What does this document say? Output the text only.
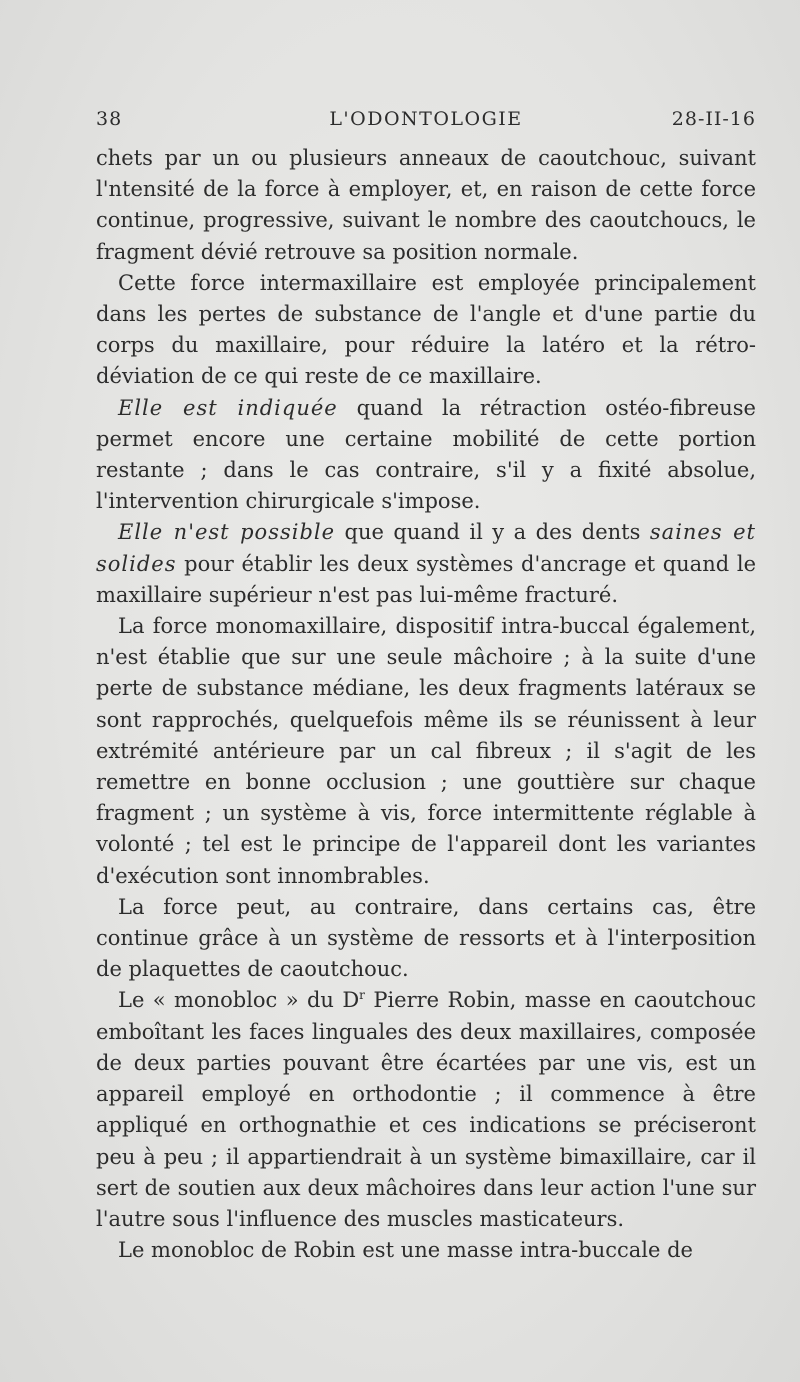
38	L'ODONTOLOGIE	28-II-16

chets par un ou plusieurs anneaux de caoutchouc, suivant l'ntensité de la force à employer, et, en raison de cette force continue, progressive, suivant le nombre des caoutchoucs, le fragment dévié retrouve sa position normale.

Cette force intermaxillaire est employée principalement dans les pertes de substance de l'angle et d'une partie du corps du maxillaire, pour réduire la latéro et la rétro-déviation de ce qui reste de ce maxillaire.

Elle est indiquée quand la rétraction ostéo-fibreuse permet encore une certaine mobilité de cette portion restante ; dans le cas contraire, s'il y a fixité absolue, l'intervention chirurgicale s'impose.

Elle n'est possible que quand il y a des dents saines et solides pour établir les deux systèmes d'ancrage et quand le maxillaire supérieur n'est pas lui-même fracturé.

La force monomaxillaire, dispositif intra-buccal également, n'est établie que sur une seule mâchoire ; à la suite d'une perte de substance médiane, les deux fragments latéraux se sont rapprochés, quelquefois même ils se réunissent à leur extrémité antérieure par un cal fibreux ; il s'agit de les remettre en bonne occlusion ; une gouttière sur chaque fragment ; un système à vis, force intermittente réglable à volonté ; tel est le principe de l'appareil dont les variantes d'exécution sont innombrables.

La force peut, au contraire, dans certains cas, être continue grâce à un système de ressorts et à l'interposition de plaquettes de caoutchouc.

Le « monobloc » du $D^r$ Pierre Robin, masse en caoutchouc emboîtant les faces linguales des deux maxillaires, composée de deux parties pouvant être écartées par une vis, est un appareil employé en orthodontie ; il commence à être appliqué en orthognathie et ces indications se préciseront peu à peu ; il appartiendrait à un système bimaxillaire, car il sert de soutien aux deux mâchoires dans leur action l'une sur l'autre sous l'influence des muscles masticateurs.

Le monobloc de Robin est une masse intra-buccale de
